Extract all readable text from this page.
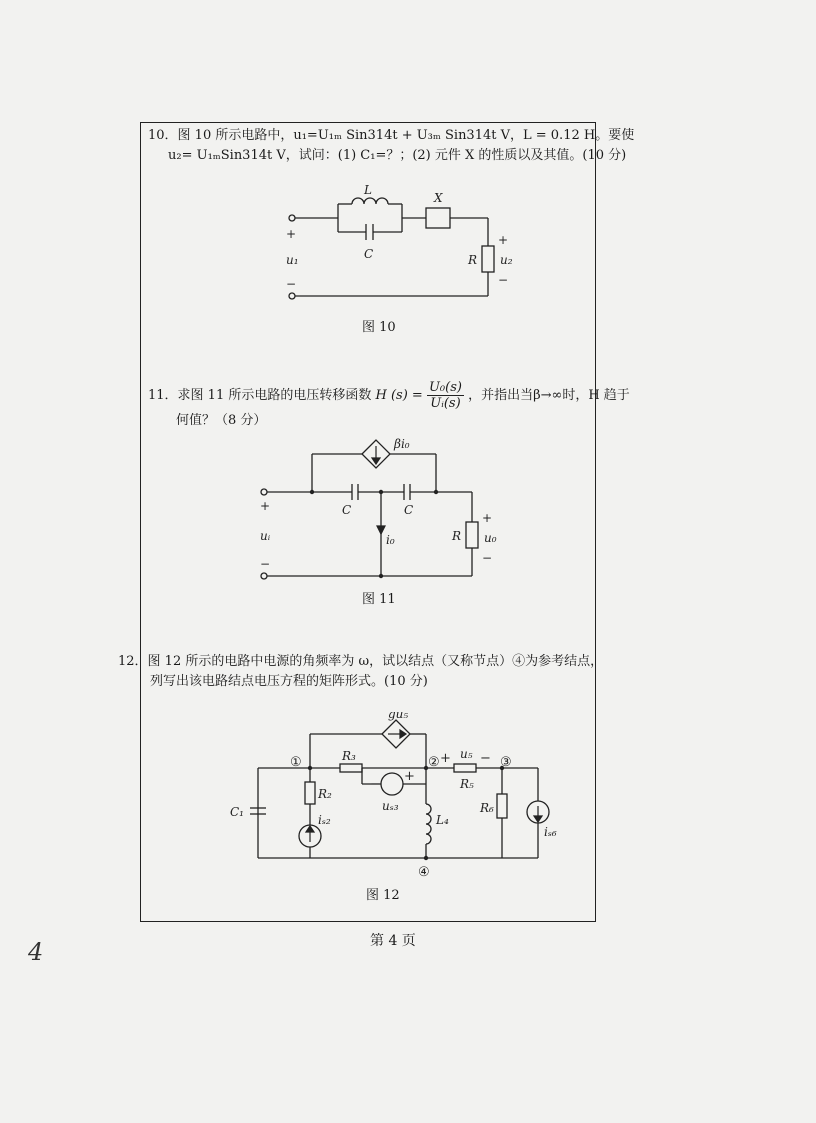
10．图 10 所示电路中，u₁=U₁ₘ Sin314t + U₃ₘ Sin314t V，L = 0.12 H。要使
u₂= U₁ₘSin314t V，试问：(1) C₁=？；(2) 元件 X 的性质以及其值。(10 分)
L
X
C	R
u₁	u₂
+
−
+
−
图 10
11．求图 11 所示电路的电压转移函数 H $(s) = \frac{\text{U₀(s)}}{\text{Uᵢ(s)}}$ ，并指出当β→∞时，H 趋于
何值？（8 分）
βi₀
C	C
i₀	R
uᵢ	u₀
+
−
+
−
图 11
12．图 12 所示的电路中电源的角频率为 ω，试以结点（又称节点）④为参考结点，
列写出该电路结点电压方程的矩阵形式。(10 分)
gu₅
R₃
R₂
uₛ₃
iₛ₂
C₁
L₄
u₅
R₅
R₆
iₛ₆
①	②	③
④
−
+
+ −
图 12
第 4 页
4
